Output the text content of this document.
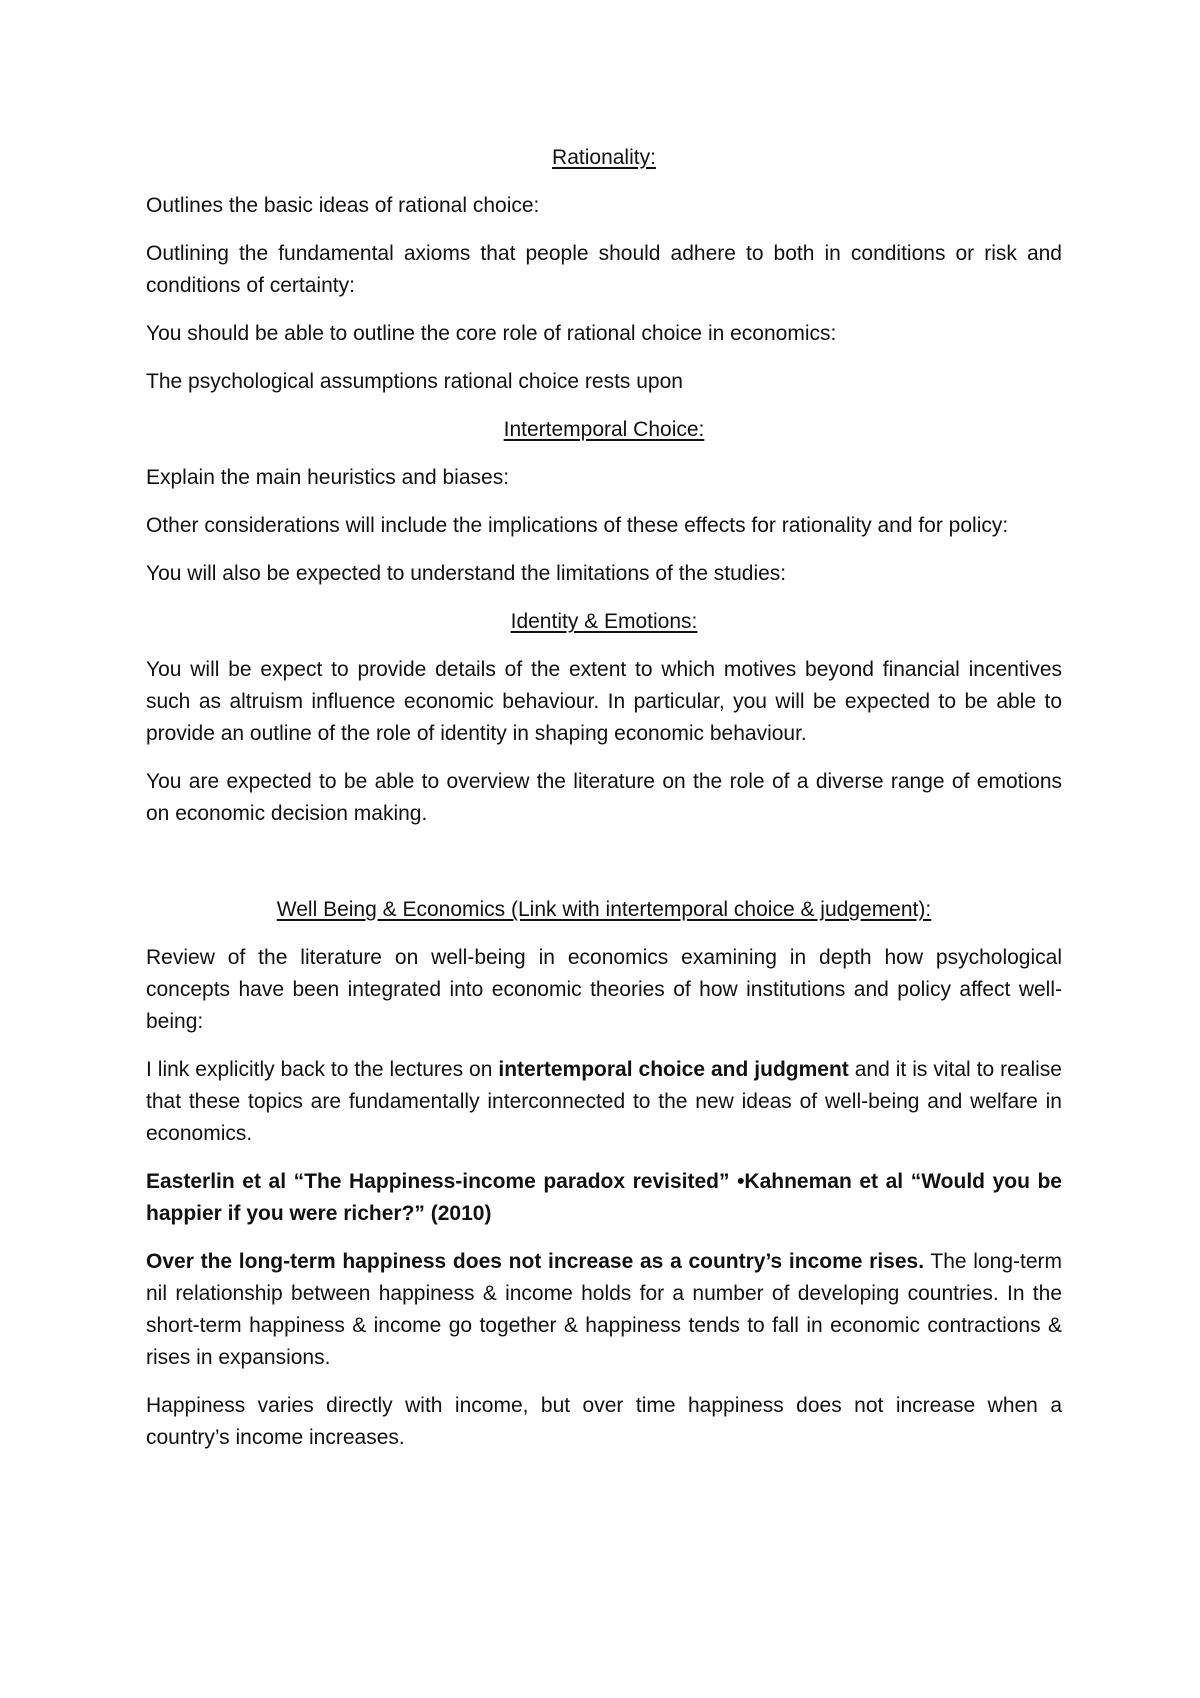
Rationality:
Outlines the basic ideas of rational choice:
Outlining the fundamental axioms that people should adhere to both in conditions or risk and conditions of certainty:
You should be able to outline the core role of rational choice in economics:
The psychological assumptions rational choice rests upon
Intertemporal Choice:
Explain the main heuristics and biases:
Other considerations will include the implications of these effects for rationality and for policy:
You will also be expected to understand the limitations of the studies:
Identity & Emotions:
You will be expect to provide details of the extent to which motives beyond financial incentives such as altruism influence economic behaviour. In particular, you will be expected to be able to provide an outline of the role of identity in shaping economic behaviour.
You are expected to be able to overview the literature on the role of a diverse range of emotions on economic decision making.
Well Being & Economics (Link with intertemporal choice & judgement):
Review of the literature on well-being in economics examining in depth how psychological concepts have been integrated into economic theories of how institutions and policy affect well-being:
I link explicitly back to the lectures on intertemporal choice and judgment and it is vital to realise that these topics are fundamentally interconnected to the new ideas of well-being and welfare in economics.
Easterlin et al “The Happiness-income paradox revisited” •Kahneman et al “Would you be happier if you were richer?” (2010)
Over the long-term happiness does not increase as a country’s income rises. The long-term nil relationship between happiness & income holds for a number of developing countries. In the short-term happiness & income go together & happiness tends to fall in economic contractions & rises in expansions.
Happiness varies directly with income, but over time happiness does not increase when a country’s income increases.
